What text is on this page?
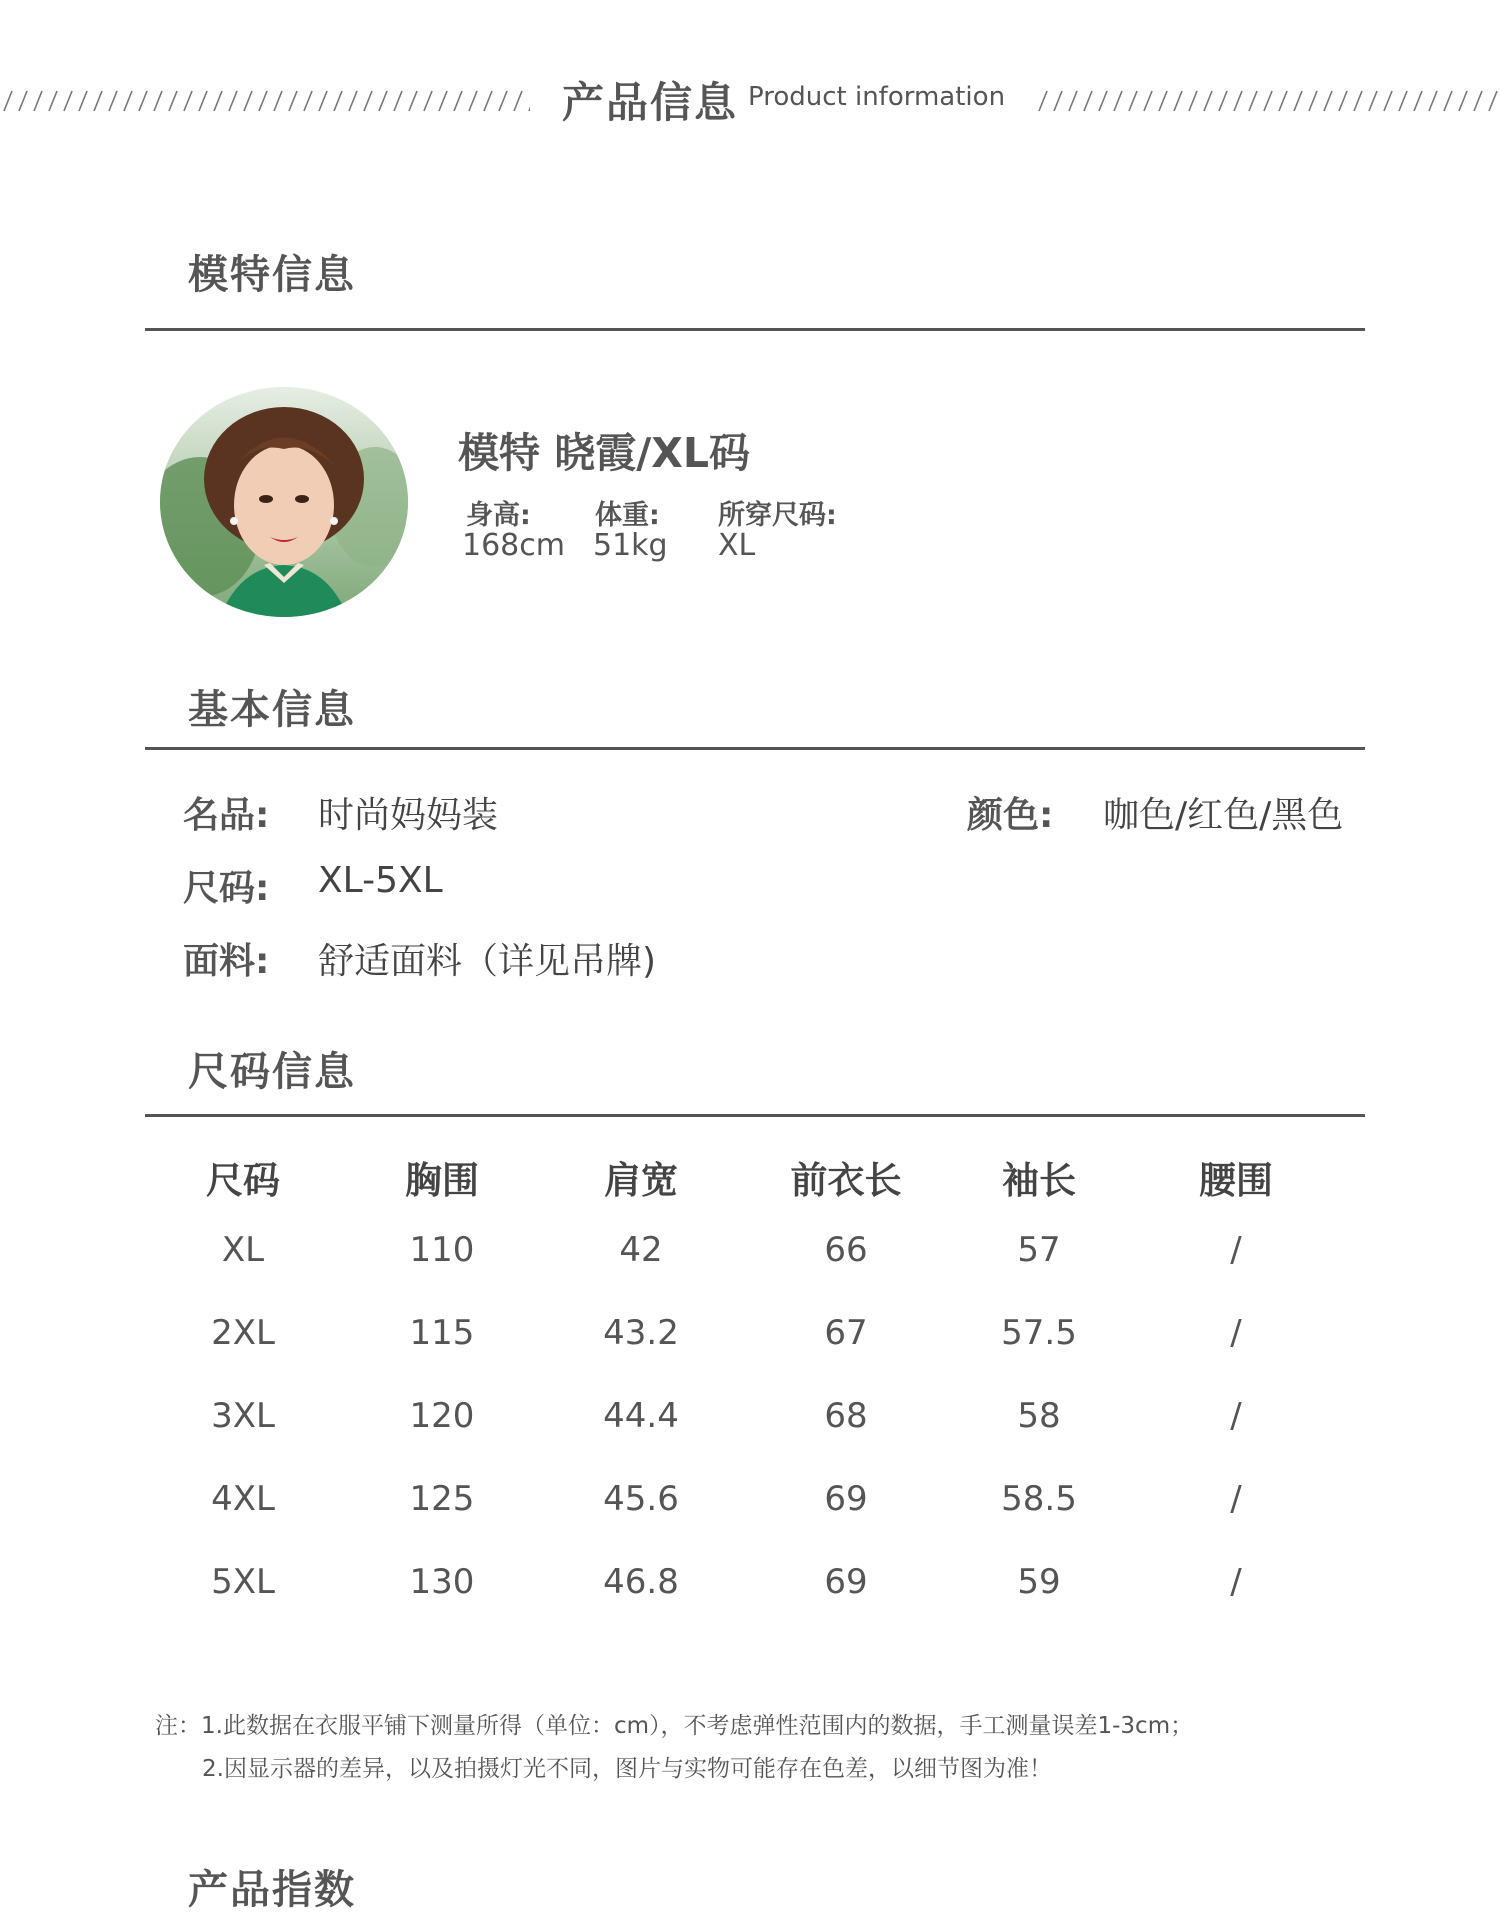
产品信息 Product information
模特信息
模特 晓霞/XL码
身高:
168cm
体重:
51kg
所穿尺码:
XL
基本信息
名品: 时尚妈妈装	颜色: 咖色/红色/黑色
尺码: XL-5XL
面料: 舒适面料（详见吊牌)
尺码信息
尺码	胸围	肩宽	前衣长	袖长	腰围
XL	110	42	66	57	/
2XL	115	43.2	67	57.5	/
3XL	120	44.4	68	58	/
4XL	125	45.6	69	58.5	/
5XL	130	46.8	69	59	/
注：1.此数据在衣服平铺下测量所得（单位：cm），不考虑弹性范围内的数据，手工测量误差1-3cm；
2.因显示器的差异，以及拍摄灯光不同，图片与实物可能存在色差，以细节图为准！
产品指数
